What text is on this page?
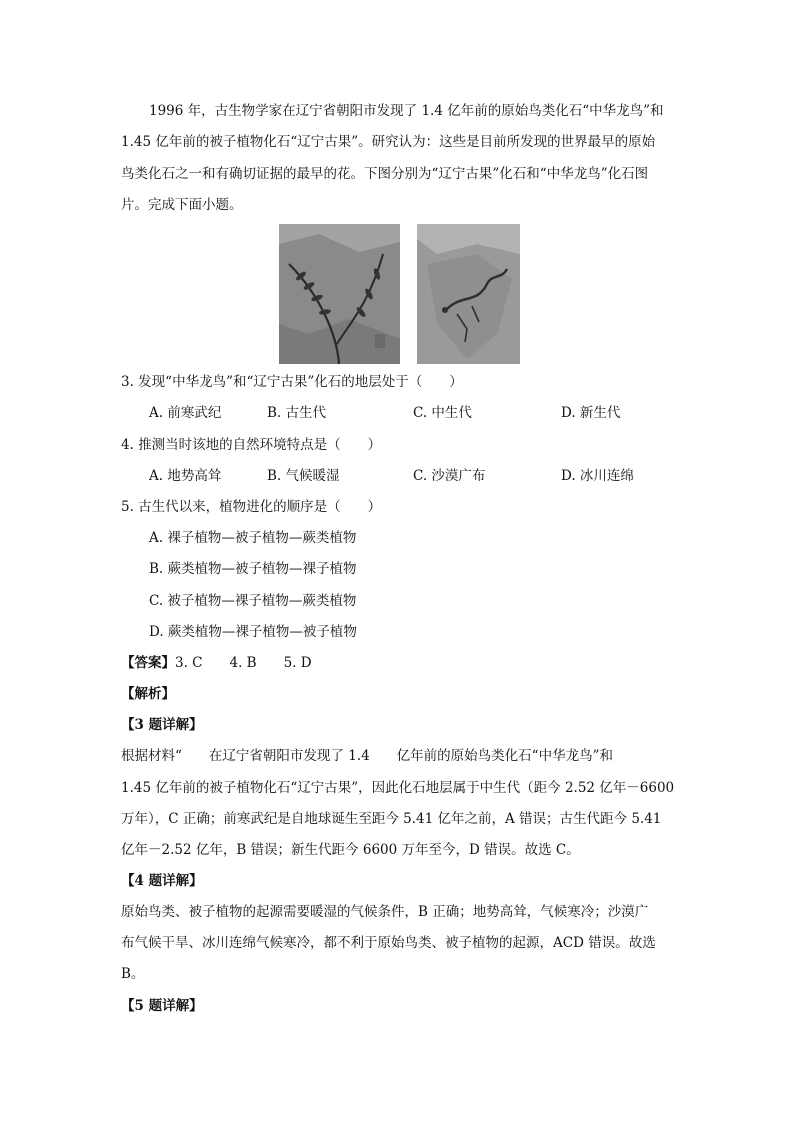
1996 年，古生物学家在辽宁省朝阳市发现了 1.4 亿年前的原始鸟类化石“中华龙鸟”和
1.45 亿年前的被子植物化石“辽宁古果”。研究认为：这些是目前所发现的世界最早的原始
鸟类化石之一和有确切证据的最早的花。下图分别为“辽宁古果”化石和“中华龙鸟”化石图
片。完成下面小题。
3. 发现“中华龙鸟”和“辽宁古果”化石的地层处于（　　）
A. 前寒武纪	B. 古生代	C. 中生代	D. 新生代
4. 推测当时该地的自然环境特点是（　　）
A. 地势高耸	B. 气候暖湿	C. 沙漠广布	D. 冰川连绵
5. 古生代以来，植物进化的顺序是（　　）
A. 裸子植物—被子植物—蕨类植物
B. 蕨类植物—被子植物—裸子植物
C. 被子植物—裸子植物—蕨类植物
D. 蕨类植物—裸子植物—被子植物
【答案】3. C　　4. B　　5. D
【解析】
【3 题详解】
根据材料“　　在辽宁省朝阳市发现了 1.4　　亿年前的原始鸟类化石“中华龙鸟”和
1.45 亿年前的被子植物化石“辽宁古果”，因此化石地层属于中生代（距今 2.52 亿年－6600
万年），C 正确；前寒武纪是自地球诞生至距今 5.41 亿年之前，A 错误；古生代距今 5.41
亿年－2.52 亿年，B 错误；新生代距今 6600 万年至今，D 错误。故选 C。
【4 题详解】
原始鸟类、被子植物的起源需要暖湿的气候条件，B 正确；地势高耸，气候寒冷；沙漠广
布气候干旱、冰川连绵气候寒冷，都不利于原始鸟类、被子植物的起源，ACD 错误。故选
B。
【5 题详解】
